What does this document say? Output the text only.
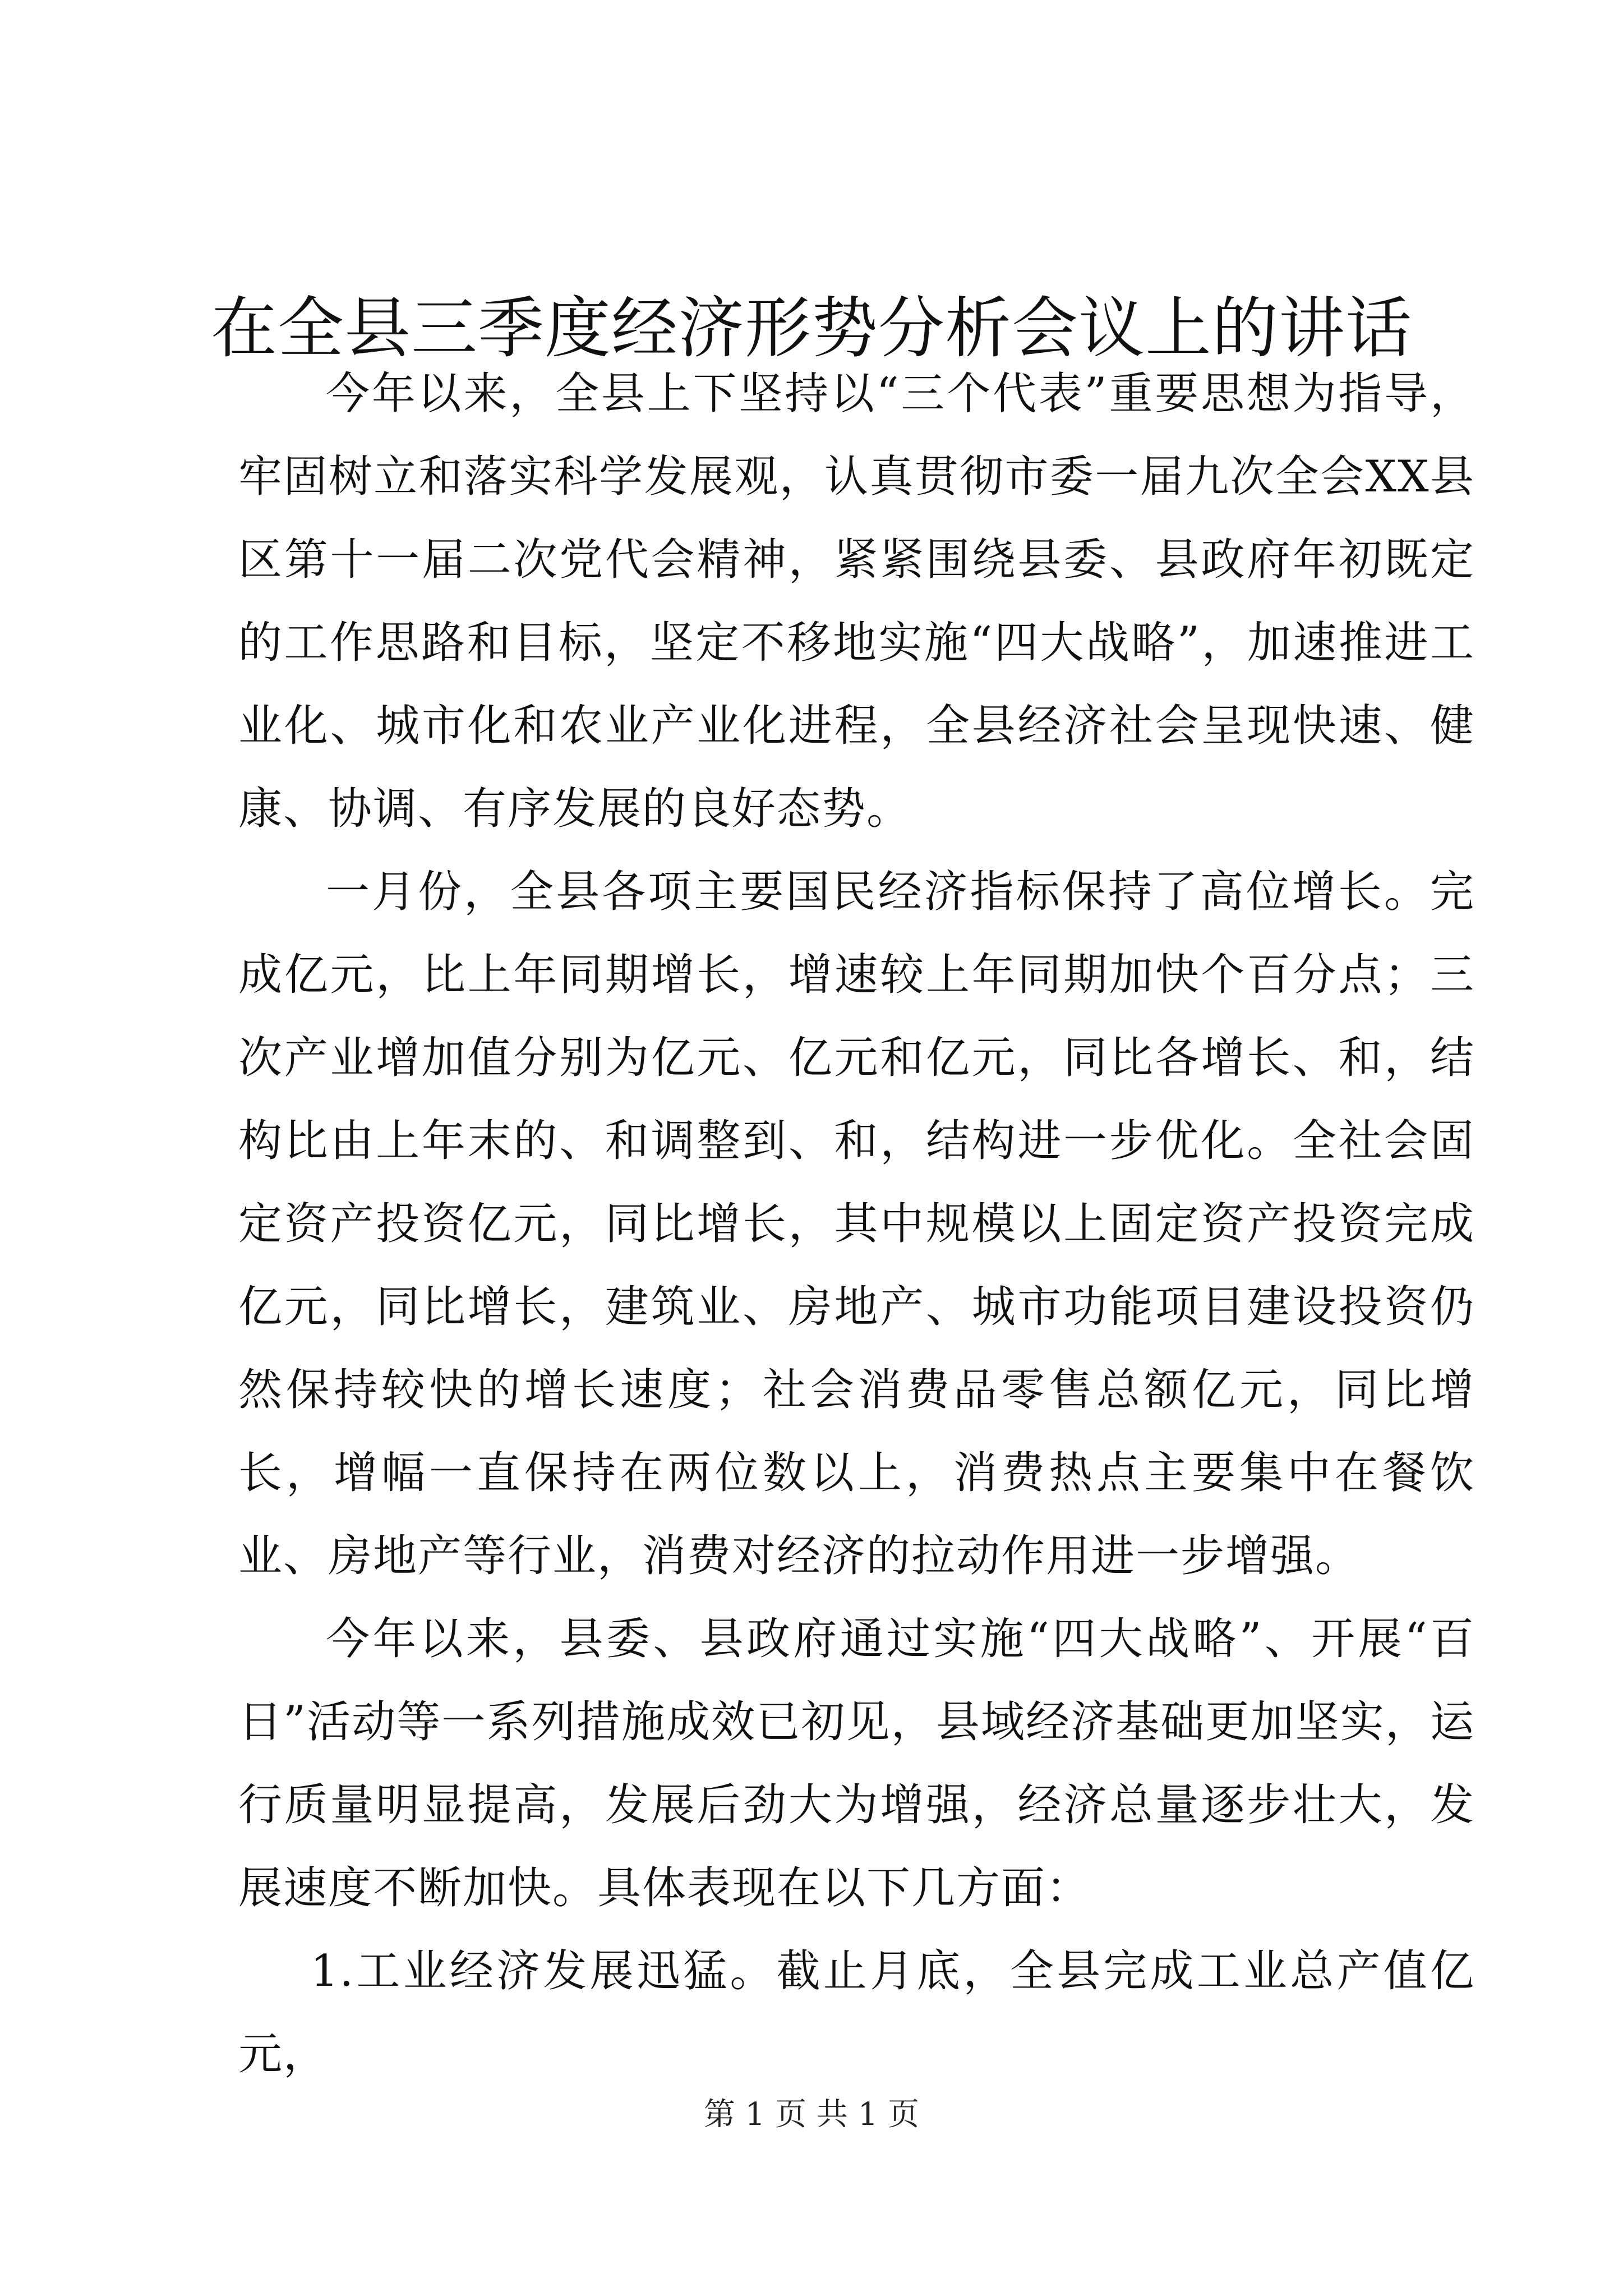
在全县三季度经济形势分析会议上的讲话

今年以来，全县上下坚持以“三个代表”重要思想为指导，牢固树立和落实科学发展观，认真贯彻市委一届九次全会XX县区第十一届二次党代会精神，紧紧围绕县委、县政府年初既定的工作思路和目标，坚定不移地实施“四大战略”，加速推进工业化、城市化和农业产业化进程，全县经济社会呈现快速、健康、协调、有序发展的良好态势。

一月份，全县各项主要国民经济指标保持了高位增长。完成亿元，比上年同期增长，增速较上年同期加快个百分点；三次产业增加值分别为亿元、亿元和亿元，同比各增长、和，结构比由上年末的、和调整到、和，结构进一步优化。全社会固定资产投资亿元，同比增长，其中规模以上固定资产投资完成亿元，同比增长，建筑业、房地产、城市功能项目建设投资仍然保持较快的增长速度；社会消费品零售总额亿元，同比增长，增幅一直保持在两位数以上，消费热点主要集中在餐饮业、房地产等行业，消费对经济的拉动作用进一步增强。

今年以来，县委、县政府通过实施“四大战略”、开展“百日”活动等一系列措施成效已初见，县域经济基础更加坚实，运行质量明显提高，发展后劲大为增强，经济总量逐步壮大，发展速度不断加快。具体表现在以下几方面：

1.工业经济发展迅猛。截止月底，全县完成工业总产值亿元，

第 1 页 共 1 页
